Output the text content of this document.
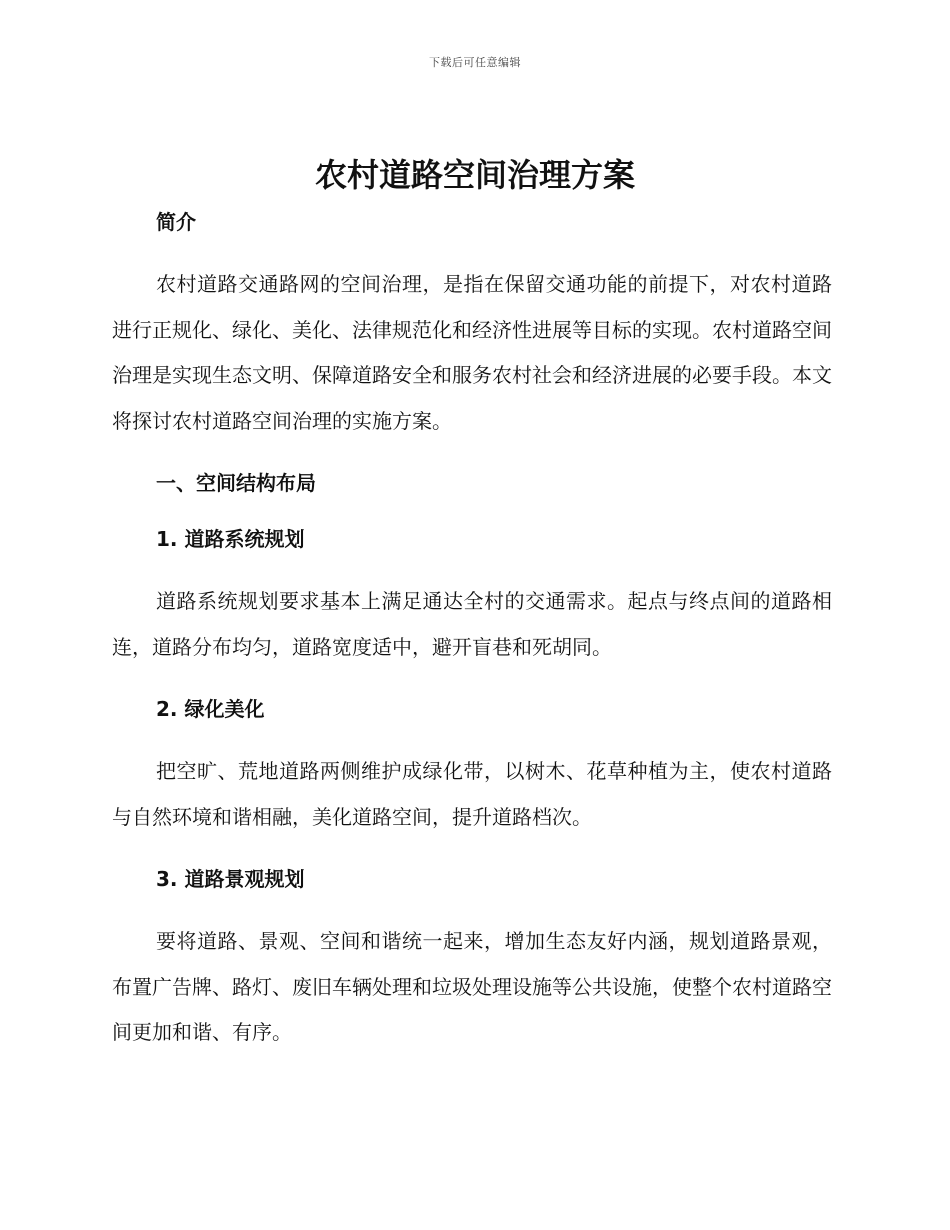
下载后可任意编辑
农村道路空间治理方案
简介

农村道路交通路网的空间治理，是指在保留交通功能的前提下，对农村道路进行正规化、绿化、美化、法律规范化和经济性进展等目标的实现。农村道路空间治理是实现生态文明、保障道路安全和服务农村社会和经济进展的必要手段。本文将探讨农村道路空间治理的实施方案。

一、空间结构布局
1. 道路系统规划

道路系统规划要求基本上满足通达全村的交通需求。起点与终点间的道路相连，道路分布均匀，道路宽度适中，避开盲巷和死胡同。

2. 绿化美化

把空旷、荒地道路两侧维护成绿化带，以树木、花草种植为主，使农村道路与自然环境和谐相融，美化道路空间，提升道路档次。

3. 道路景观规划

要将道路、景观、空间和谐统一起来，增加生态友好内涵，规划道路景观，布置广告牌、路灯、废旧车辆处理和垃圾处理设施等公共设施，使整个农村道路空间更加和谐、有序。
